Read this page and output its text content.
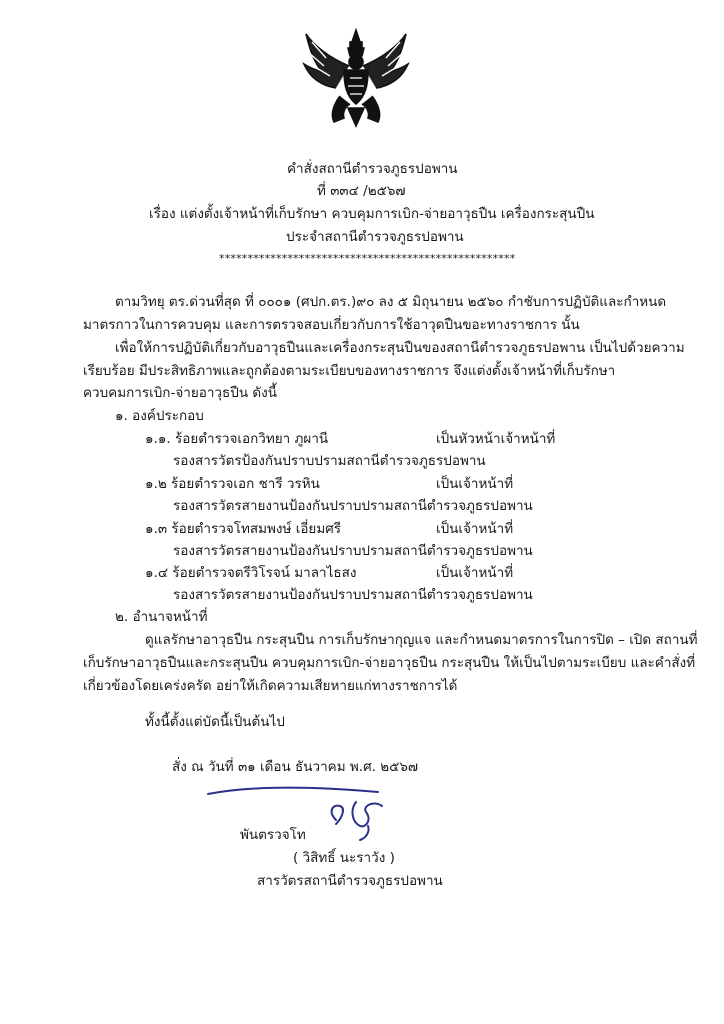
คำสั่งสถานีตำรวจภูธรปอพาน

ที่ ๓๓๔ /๒๕๖๗

เรื่อง แต่งตั้งเจ้าหน้าที่เก็บรักษา ควบคุมการเบิก-จ่ายอาวุธปืน เครื่องกระสุนปืน

ประจำสถานีตำรวจภูธรปอพาน

****************************************************

ตามวิทยุ ตร.ด่วนที่สุด ที่ ๐๐๐๑ (ศปก.ตร.)๙๐ ลง ๕ มิถุนายน ๒๕๖๐ กำชับการปฏิบัติและกำหนด

มาตรกาวในการควบคุม และการตรวจสอบเกี่ยวกับการใช้อาวุดปืนขอะทางราชการ นั้น

เพื่อให้การปฏิบัติเกี่ยวกับอาวุธปืนและเครื่องกระสุนปืนของสถานีตำรวจภูธรปอพาน เป็นไปด้วยความ

เรียบร้อย มีประสิทธิภาพและถูกต้องตามระเบียบของทางราชการ จึงแต่งตั้งเจ้าหน้าที่เก็บรักษา

ควบคมการเบิก-จ่ายอาวุธปืน ดังนี้

๑. องค์ประกอบ

๑.๑. ร้อยตำรวจเอกวิทยา ภูผานี	เป็นหัวหน้าเจ้าหน้าที่

รองสารวัตรป้องกันปราบปรามสถานีตำรวจภูธรปอพาน

๑.๒ ร้อยตำรวจเอก ชารี วรหิน	เป็นเจ้าหน้าที่

รองสารวัตรสายงานป้องกันปราบปรามสถานีตำรวจภูธรปอพาน

๑.๓ ร้อยตำรวจโทสมพงษ์ เอี่ยมศรี	เป็นเจ้าหน้าที่

รองสารวัตรสายงานป้องกันปราบปรามสถานีตำรวจภูธรปอพาน

๑.๔ ร้อยตำรวจตรีวิโรจน์ มาลาไธสง	เป็นเจ้าหน้าที่

รองสารวัตรสายงานป้องกันปราบปรามสถานีตำรวจภูธรปอพาน

๒. อำนาจหน้าที่

ดูแลรักษาอาวุธปืน กระสุนปืน การเก็บรักษากุญแจ และกำหนดมาตรการในการปิด – เปิด สถานที่

เก็บรักษาอาวุธปืนและกระสุนปืน ควบคุมการเบิก-จ่ายอาวุธปืน กระสุนปืน ให้เป็นไปตามระเบียบ และคำสั่งที่

เกี่ยวข้องโดยเคร่งครัด อย่าให้เกิดความเสียหายแก่ทางราชการได้

ทั้งนี้ตั้งแต่บัดนี้เป็นต้นไป

สั่ง ณ วันที่ ๓๑ เดือน ธันวาคม พ.ศ. ๒๕๖๗

พันตรวจโท

( วิสิทธิ์ นะราวัง )

สารวัตรสถานีตำรวจภูธรปอพาน
